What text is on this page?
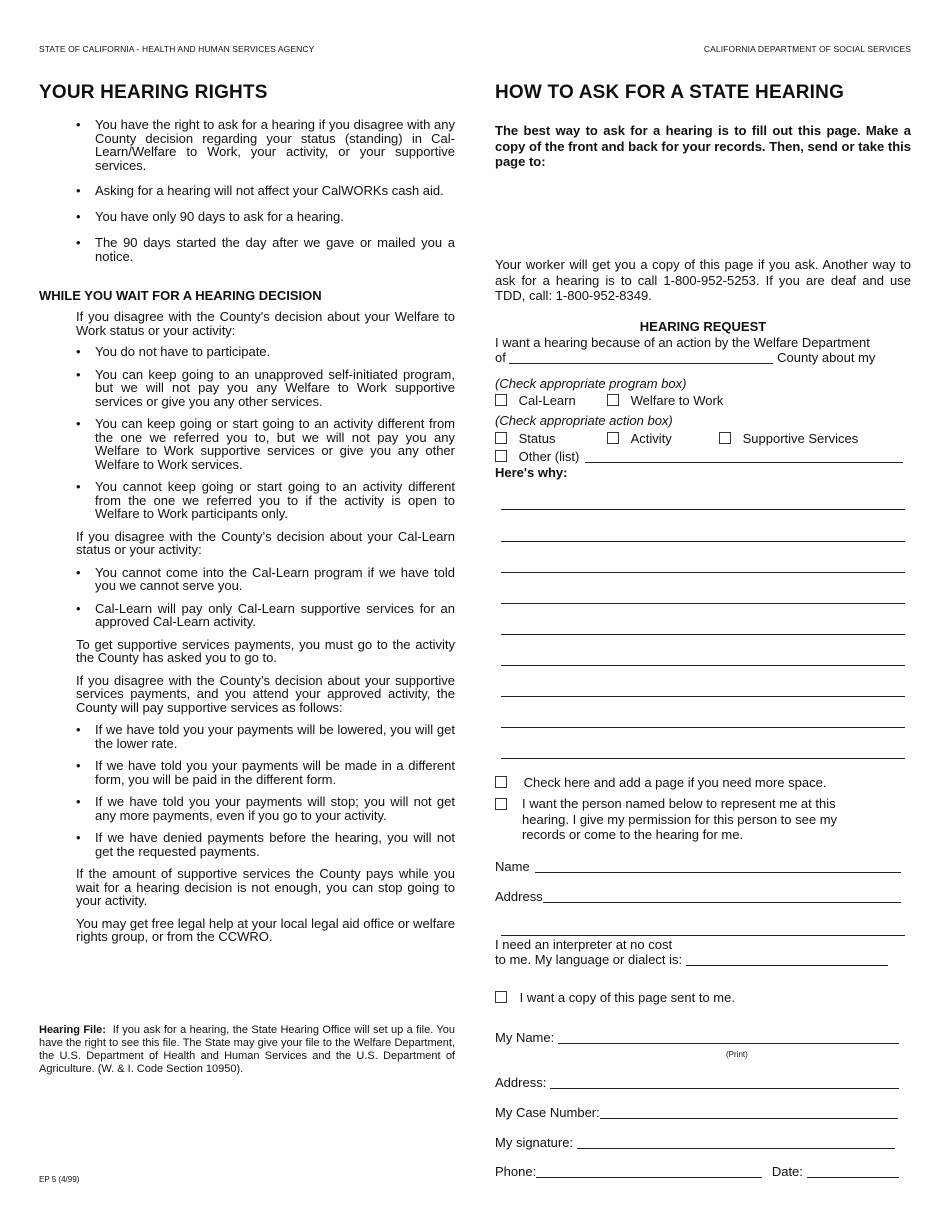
STATE OF CALIFORNIA - HEALTH AND HUMAN SERVICES AGENCY	CALIFORNIA DEPARTMENT OF SOCIAL SERVICES
YOUR HEARING RIGHTS
• You have the right to ask for a hearing if you disagree with any County decision regarding your status (standing) in Cal-Learn/Welfare to Work, your activity, or your supportive services.
• Asking for a hearing will not affect your CalWORKs cash aid.
• You have only 90 days to ask for a hearing.
• The 90 days started the day after we gave or mailed you a notice.
WHILE YOU WAIT FOR A HEARING DECISION

If you disagree with the County's decision about your Welfare to Work status or your activity:

• You do not have to participate.
• You can keep going to an unapproved self-initiated program, but we will not pay you any Welfare to Work supportive services or give you any other services.
• You can keep going or start going to an activity different from the one we referred you to, but we will not pay you any Welfare to Work supportive services or give you any other Welfare to Work services.
• You cannot keep going or start going to an activity different from the one we referred you to if the activity is open to Welfare to Work participants only.

If you disagree with the County’s decision about your Cal-Learn status or your activity:

• You cannot come into the Cal-Learn program if we have told you we cannot serve you.
• Cal-Learn will pay only Cal-Learn supportive services for an approved Cal-Learn activity.

To get supportive services payments, you must go to the activity the County has asked you to go to.

If you disagree with the County’s decision about your supportive services payments, and you attend your approved activity, the County will pay supportive services as follows:

• If we have told you your payments will be lowered, you will get the lower rate.
• If we have told you your payments will be made in a different form, you will be paid in the different form.
• If we have told you your payments will stop; you will not get any more payments, even if you go to your activity.
• If we have denied payments before the hearing, you will not get the requested payments.

If the amount of supportive services the County pays while you wait for a hearing decision is not enough, you can stop going to your activity.

You may get free legal help at your local legal aid office or welfare rights group, or from the CCWRO.

Hearing File: If you ask for a hearing, the State Hearing Office will set up a file. You have the right to see this file. The State may give your file to the Welfare Department, the U.S. Department of Health and Human Services and the U.S. Department of Agriculture. (W. & I. Code Section 10950).
EP 5 (4/99)
HOW TO ASK FOR A STATE HEARING
The best way to ask for a hearing is to fill out this page. Make a copy of the front and back for your records. Then, send or take this page to:
Your worker will get you a copy of this page if you ask. Another way to ask for a hearing is to call 1-800-952-5253. If you are deaf and use TDD, call: 1-800-952-8349.
HEARING REQUEST
I want a hearing because of an action by the Welfare Department
of	County about my
(Check appropriate program box)
Cal-Learn	Welfare to Work
(Check appropriate action box)
Status	Activity	Supportive Services
Other (list)
Here's why:
Check here and add a page if you need more space.
I want the person named below to represent me at this hearing. I give my permission for this person to see my records or come to the hearing for me.
Name
Address
I need an interpreter at no cost
to me. My language or dialect is:
I want a copy of this page sent to me.
My Name:
(Print)
Address:
My Case Number:
My signature:
Phone:	Date:
